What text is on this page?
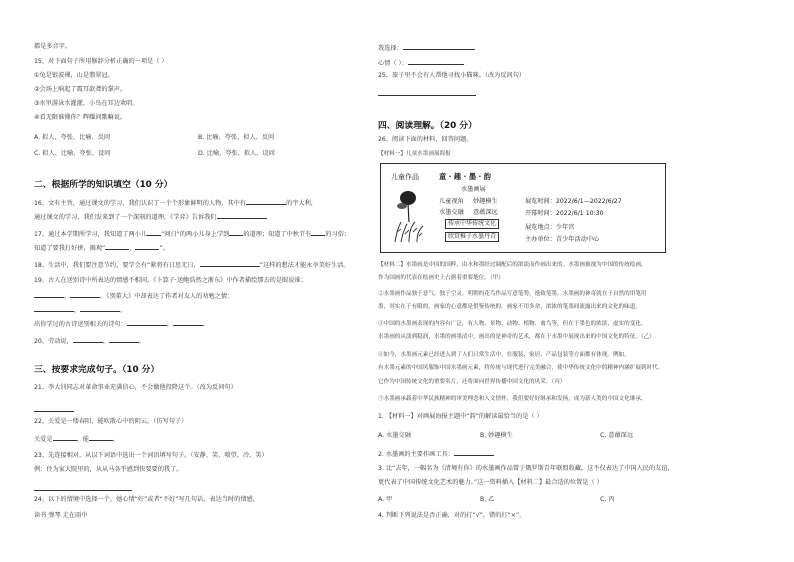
都是多音字。
15、对下面句子所用修辞分析正确的一项是（ ）
①兔是银波裸，山是翡翠冠。
②会场上响起了震耳欲聋的掌声。
③水里游泳水灌灌，小鸟在耳边欢唱。
④看无限谁懂你？辉耀问歌嘛说。
A. 拟人、夸张、比喻、反问	B. 比喻、夸张、拟人、反问
C. 拟人、比喻、夸张、设问	D. 比喻、夸张、拟人、设问
二、根据所学的知识填空（10 分）
16、文有主旨，通过课文的学习，我们认识了一个个形象鲜明的人物，其中有	的宇大利，
通过课文的学习，我们发来到了一个深刻的道理，《学弈》告诉我们
17、通过本学期所学习，我知道了两小儿 “问日”的两小儿身上学到 的道理；知道了中秋节有 的习俗；
知道了要我打好拼，揭观“	，	”。
18、生活中，我们要注意节约，要学会有“紧将有日思无日，	”这样的想法才能永享美好生活。
19、古人在送别诗中所表达的情感不相同，《卜算子·送鲍浩然之浙东》中作者描绘那去的是眼说谁；
，	。《别董大》中却表达了作者对友人的劝勉之情：
，	。
出你学过的古诗送别相关的诗句：	，	。
20、劳动说，	，	。
三、按要求完成句子。（10 分）
21、李大钊同志对革命事业充满信心，不会做他投降这个。（改为反问句）
22、关爱是一缕春阳，能吹散心中的阴云。（仿写句子）
关爱是	，能	。
23、先连接相对，从以下词语中选出一个词语填写句子。（安静、笑、喷望、冷、笑）
例：住为家大院里的，从从马各乎感到快要要的我了。
24、以下的情境中选择一个，她心情“好”或者“不好”写几句话，表达当时的情感。
读书 弹琴 走在雨中
我选择：
心情（ ）：
25、旅子里不会有人帮他寻找小猫咪。（改为反问句）
四、阅读理解。（20 分）
26、阅读下面的材料，回答问题。
【材料一】儿童水墨画展海报
儿童作品	童 · 趣 · 墨 · 韵
水墨画展
儿童视角 妙趣横生
水墨交融 意蕴深远
传承中华传统文化
欣赏稚子水墨丹青
展览时间：2022/6/1—2022/6/27
开幕时间：2022/6/1 10:30
展览地点：少年宫
主办单位：青少年活动中心
【材料二】水墨画是中国的国粹，由水和墨经过调配后的浓淡而作画出来的。水墨画被视为中国的传统绘画，
作为国画的代表在绘画史上占据着重要地位。（甲）
②水墨画作品独于意气，独于空灵。明朝的花鸟作品写意笔势，逸致笔墨。水墨画的神奇就在于自然的用笔用
墨，其实在于有限的，画家的心意都是借鉴传统的。画家不用多余，浓浓的笔墨间流露出来的文化的味道。
③中国的水墨画表现的内容有广泛，有人物、景物、动物、植物、禽鸟等，但在于墨色的浓淡、虚实的变化、
水墨画的从淡到稳润，水墨的画墨清中，画出的是神奇的艺术，都在于水墨中展现出来的中国文化的特征。（乙）
④如今，水墨画元素已经进入到了人们日常生活中，在服装、家居、产品包装等方面都有体现。例如，
有水墨元素的中国风服饰中国水墨画元素，将传统与现代进行完美融合，使中华传统文化中的精神内涵扩展到时代。
它作为中国传统文化的重要名片，还将面向世界传播中国文化的风采。（丙）
⑤水墨画承载着中华民族精神的审美理念和人文情怀，我们要好好继承和发扬，成为新人类的中国文化继承。
1. 【材料一】对画展海报主题中“韵”的解读最恰当的是（ ）
A. 水墨交融	B. 妙趣横生	C. 意蕴深远
2. 水墨画的主要作画工具：
3. 比“去年，一幅名为《清境有你》的水墨画作品曾于俄罗斯青年联盟收藏。这不仅表达了中国人民的友谊，
更代表了中国传统文化艺术的魅力。”这一资料插入【材料二】最合适的位置是（ ）
A. 甲	B. 乙	C. 丙
4. 判断下列说法是否正确，对的打“√”，错的打“×”。
